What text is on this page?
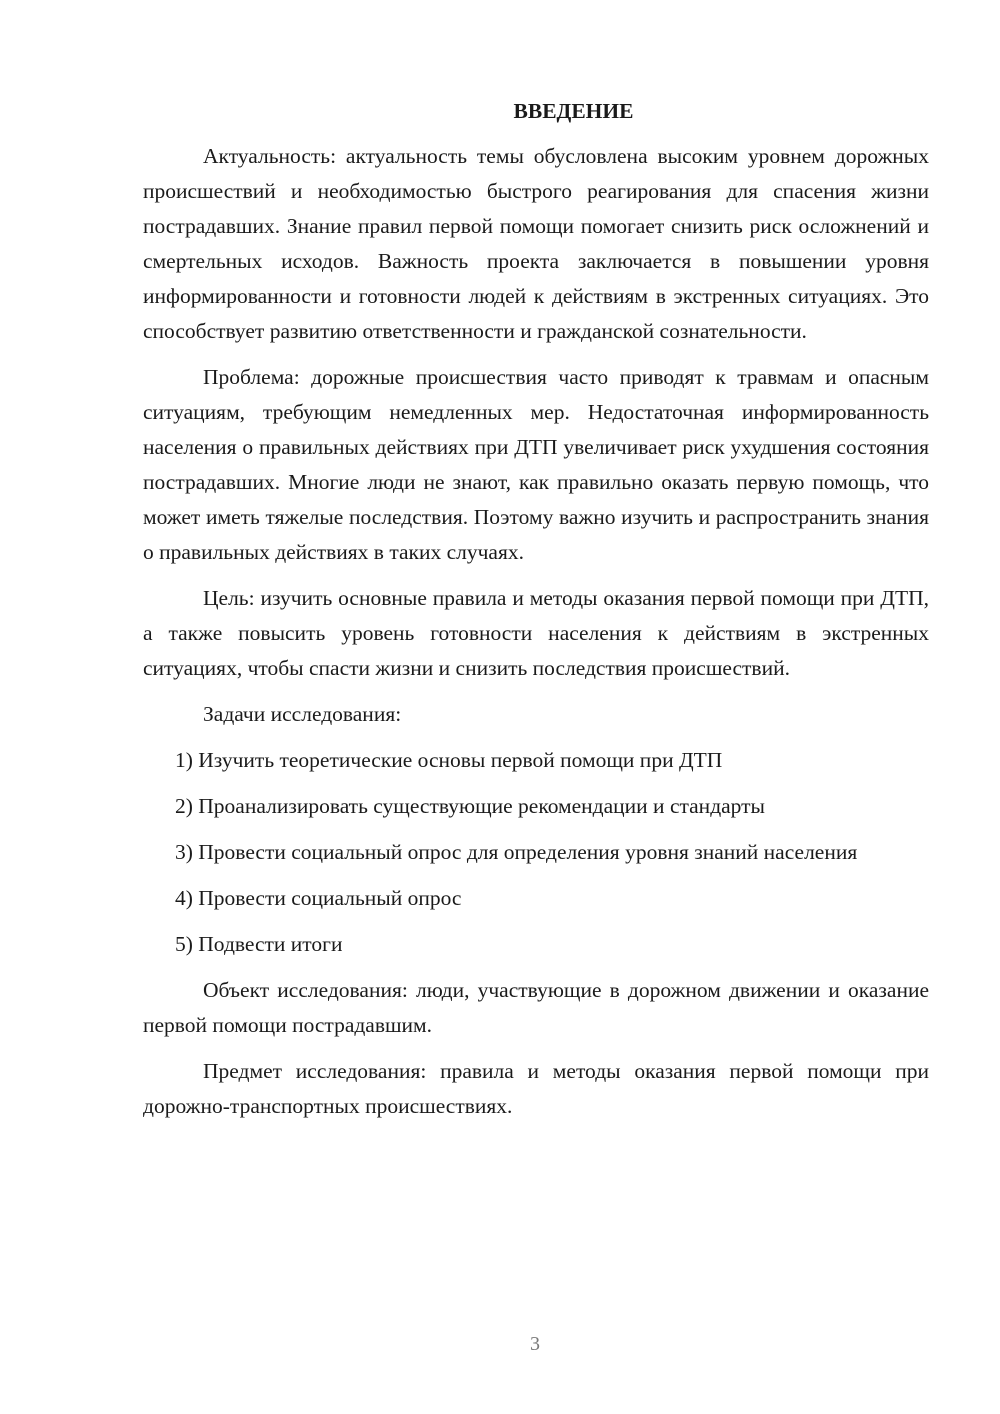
ВВЕДЕНИЕ

Актуальность: актуальность темы обусловлена высоким уровнем дорожных происшествий и необходимостью быстрого реагирования для спасения жизни пострадавших. Знание правил первой помощи помогает снизить риск осложнений и смертельных исходов. Важность проекта заключается в повышении уровня информированности и готовности людей к действиям в экстренных ситуациях. Это способствует развитию ответственности и гражданской сознательности.

Проблема: дорожные происшествия часто приводят к травмам и опасным ситуациям, требующим немедленных мер. Недостаточная информированность населения о правильных действиях при ДТП увеличивает риск ухудшения состояния пострадавших. Многие люди не знают, как правильно оказать первую помощь, что может иметь тяжелые последствия. Поэтому важно изучить и распространить знания о правильных действиях в таких случаях.

Цель: изучить основные правила и методы оказания первой помощи при ДТП, а также повысить уровень готовности населения к действиям в экстренных ситуациях, чтобы спасти жизни и снизить последствия происшествий.

Задачи исследования:

1) Изучить теоретические основы первой помощи при ДТП

2) Проанализировать существующие рекомендации и стандарты

3) Провести социальный опрос для определения уровня знаний населения

4) Провести социальный опрос

5) Подвести итоги

Объект исследования: люди, участвующие в дорожном движении и оказание первой помощи пострадавшим.

Предмет исследования: правила и методы оказания первой помощи при дорожно-транспортных происшествиях.

3
